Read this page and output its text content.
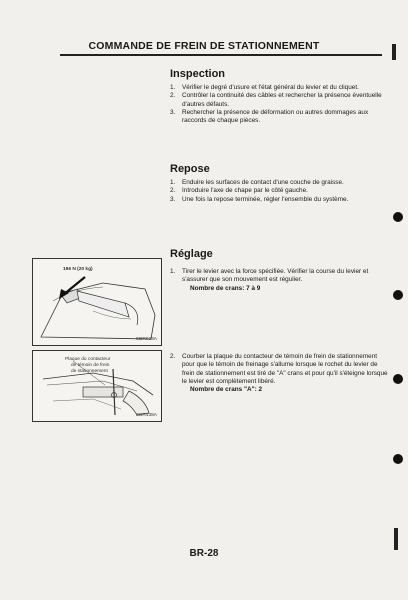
COMMANDE DE FREIN DE STATIONNEMENT
Inspection
1. Vérifier le degré d'usure et l'état général du levier et du cliquet.
2. Contrôler la continuité des câbles et rechercher la présence éventuelle d'autres défauts.
3. Rechercher la présence de déformation ou autres dommages aux raccords de chaque pièces.
Repose
1. Enduire les surfaces de contact d'une couche de graisse.
2. Introduire l'axe de chape par le côté gauche.
3. Une fois la repose terminée, régler l'ensemble du système.
Réglage
1. Tirer le levier avec la force spécifiée. Vérifier la course du levier et s'assurer que son mouvement est régulier.
Nombre de crans: 7 à 9
2. Courber la plaque du contacteur de témoin de frein de stationnement pour que le témoin de freinage s'allume lorsque le rochet du levier de frein de stationnement est tiré de "A" crans et pour qu'il s'éteigne lorsque le levier est complètement libéré.
Nombre de crans "A": 2
196 N (20 kg)
SBR023A
Plaque du contacteur
de témoin de frein
de stationnement
SBR438A
BR-28
